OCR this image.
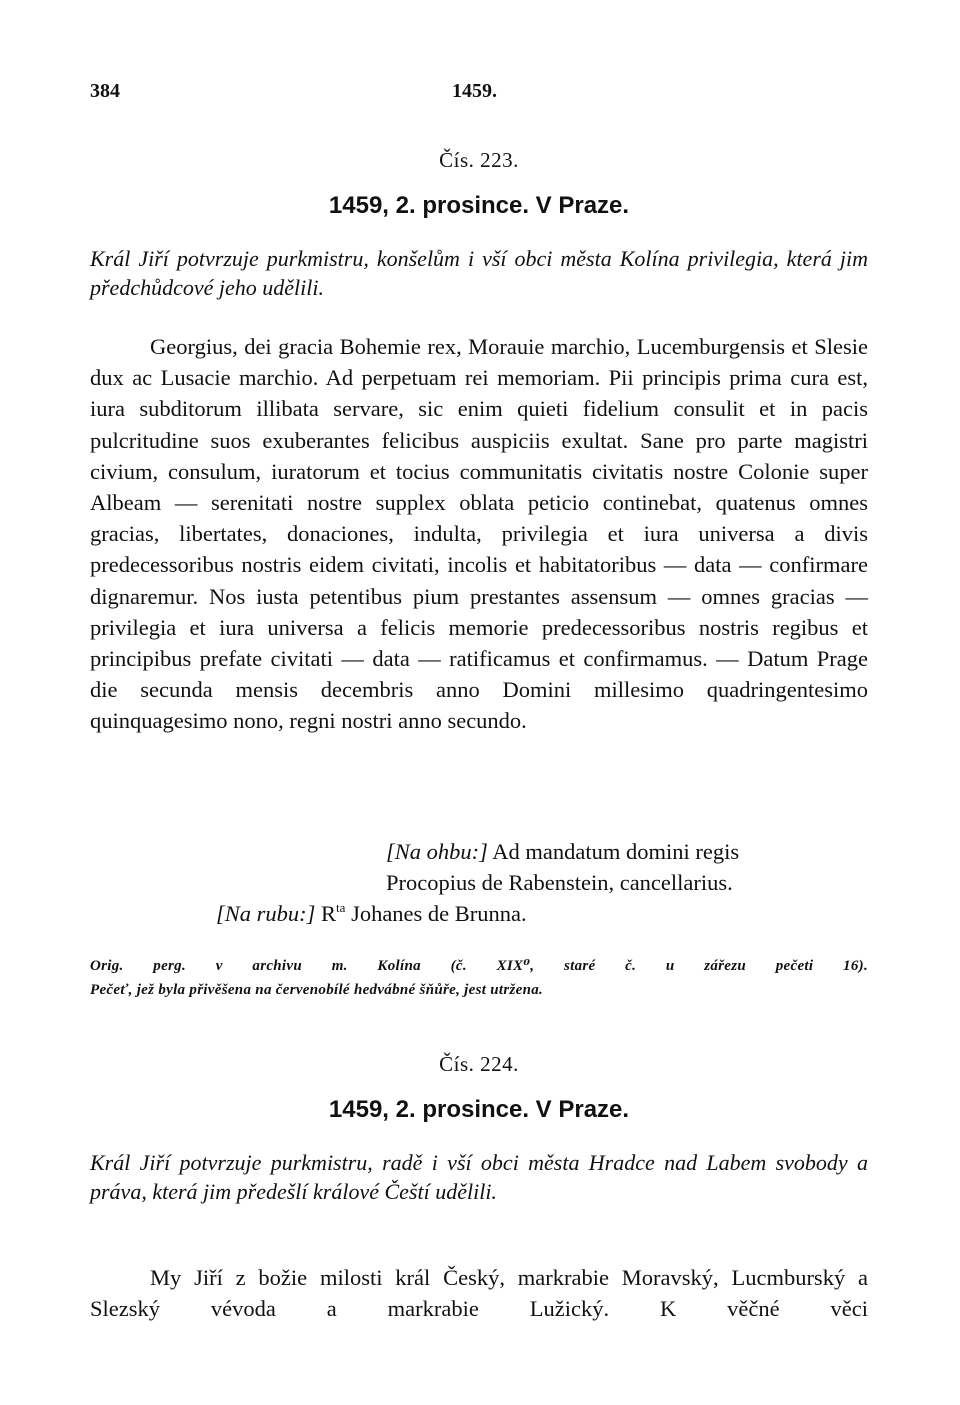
384	1459.
Čís. 223.
1459, 2. prosince. V Praze.

Král Jiří potvrzuje purkmistru, konšelům i vší obci města Kolína privilegia, která jim předchůdcové jeho udělili.

Georgius, dei gracia Bohemie rex, Morauie marchio, Lucemburgensis et Slesie dux ac Lusacie marchio. Ad perpetuam rei memoriam. Pii principis prima cura est, iura subditorum illibata servare, sic enim quieti fidelium consulit et in pacis pulcritudine suos exuberantes felicibus auspiciis exultat. Sane pro parte magistri civium, consulum, iuratorum et tocius communitatis civitatis nostre Colonie super Albeam — serenitati nostre supplex oblata peticio continebat, quatenus omnes gracias, libertates, donaciones, indulta, privilegia et iura universa a divis predecessoribus nostris eidem civitati, incolis et habitatoribus — data — confirmare dignaremur. Nos iusta petentibus pium prestantes assensum — omnes gracias — privilegia et iura universa a felicis memorie predecessoribus nostris regibus et principibus prefate civitati — data — ratificamus et confirmamus. — Datum Prage die secunda mensis decembris anno Domini millesimo quadringentesimo quinquagesimo nono, regni nostri anno secundo.

[Na ohbu:] Ad mandatum domini regis
Procopius de Rabenstein, cancellarius.
[Na rubu:] $R^{ta}$ Johanes de Brunna.
Orig. perg. v archivu m. Kolína (č. XIX⁰, staré č. u zářezu pečeti 16).
Pečeť, jež byla přivěšena na červenobílé hedvábné šňůře, jest utržena.
Čís. 224.
1459, 2. prosince. V Praze.

Král Jiří potvrzuje purkmistru, radě i vší obci města Hradce nad Labem svobody a práva, která jim předešlí králové Čeští udělili.

My Jiří z božie milosti král Český, markrabie Moravský, Lucmburský a Slezský vévoda a markrabie Lužický. K věčné věci
